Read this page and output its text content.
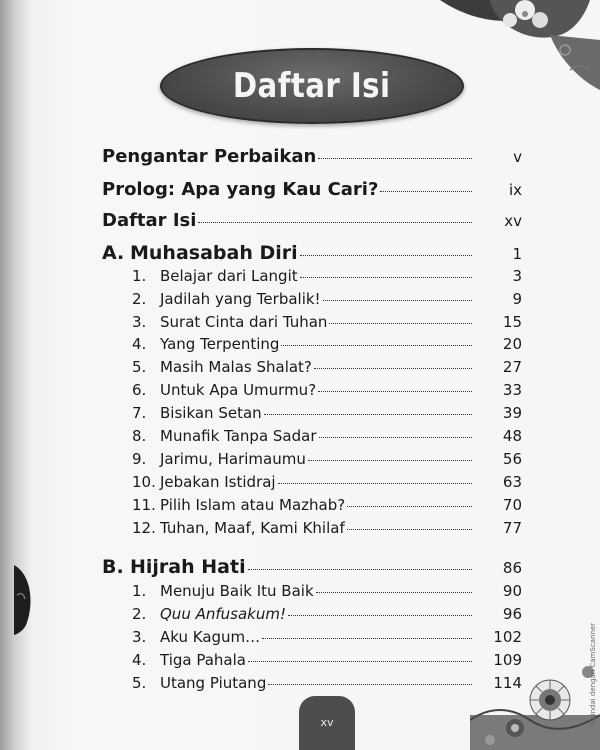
Daftar Isi
Pengantar Perbaikan	v
Prolog: Apa yang Kau Cari?	ix
Daftar Isi	xv
A. Muhasabah Diri	1
1. Belajar dari Langit	3
2. Jadilah yang Terbalik!	9
3. Surat Cinta dari Tuhan	15
4. Yang Terpenting	20
5. Masih Malas Shalat?	27
6. Untuk Apa Umurmu?	33
7. Bisikan Setan	39
8. Munafik Tanpa Sadar	48
9. Jarimu, Harimaumu	56
10. Jebakan Istidraj	63
11. Pilih Islam atau Mazhab?	70
12. Tuhan, Maaf, Kami Khilaf	77
B. Hijrah Hati	86
1. Menuju Baik Itu Baik	90
2. Quu Anfusakum!	96
3. Aku Kagum…	102
4. Tiga Pahala	109
5. Utang Piutang	114
xv	Dipindai dengan CamScanner
